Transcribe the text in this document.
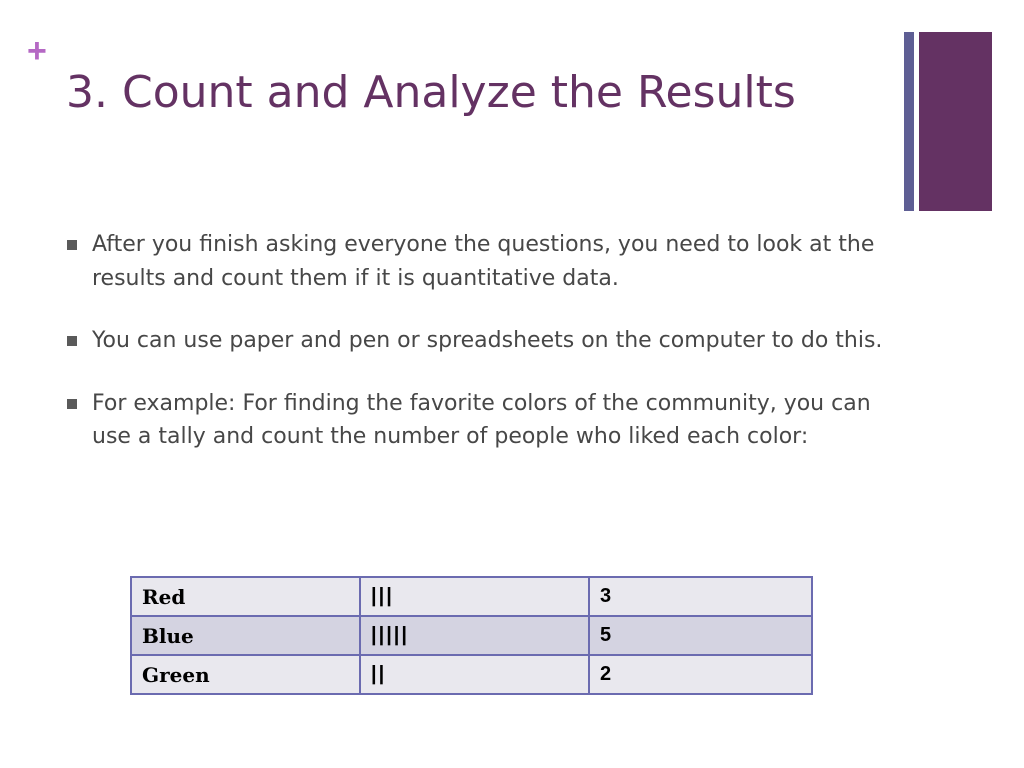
+
3. Count and Analyze the Results
After you finish asking everyone the questions, you need to look at the results and count them if it is quantitative data.
You can use paper and pen or spreadsheets on the computer to do this.
For example: For finding the favorite colors of the community, you can use a tally and count the number of people who liked each color:
Red	|||	3
Blue	|||||	5
Green	||	2
